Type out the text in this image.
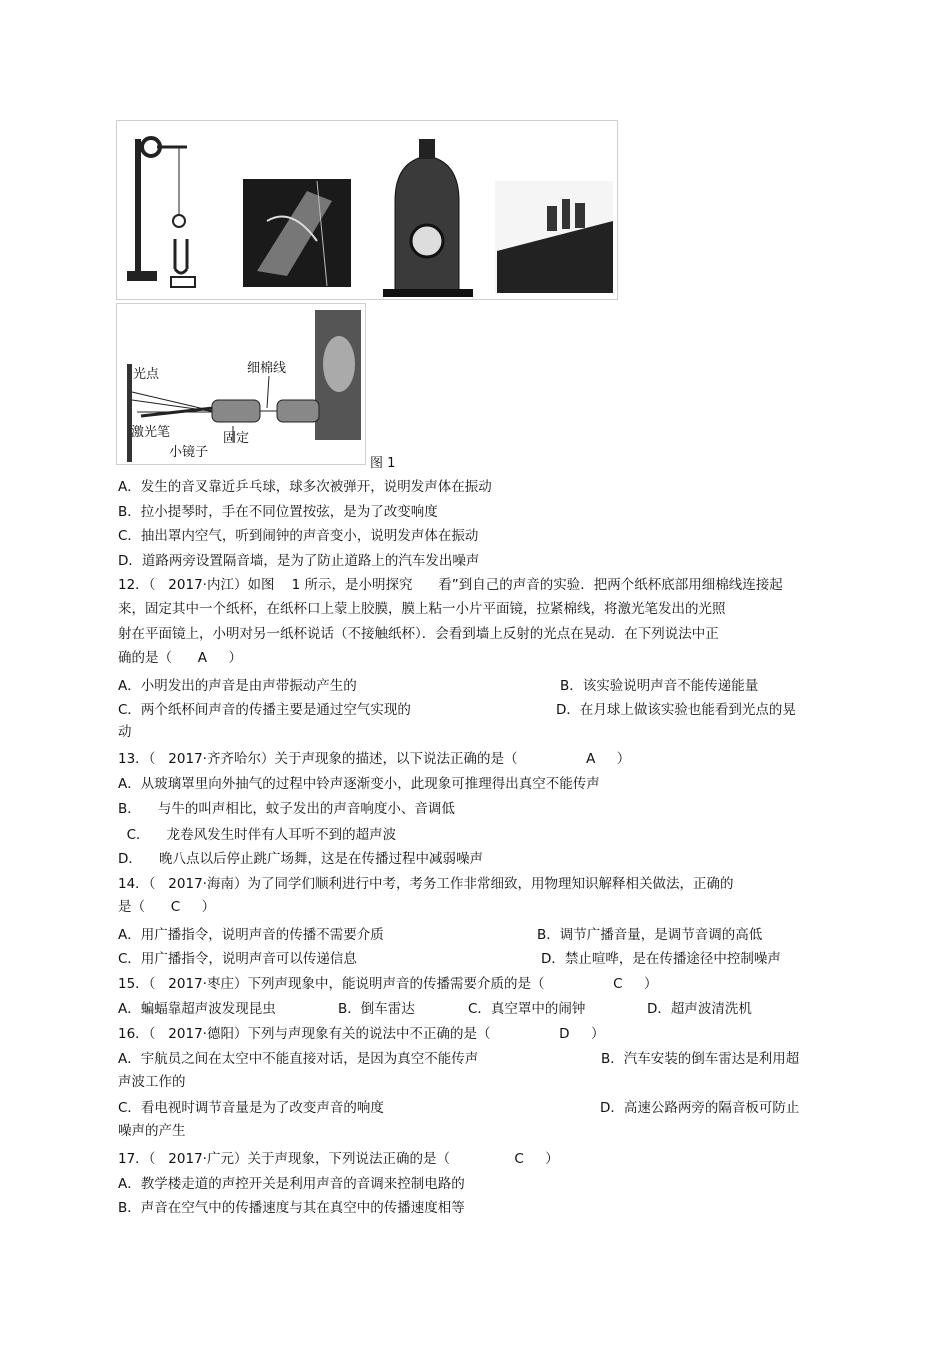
光点	细棉线
激光笔	固定
小镜子
图 1
A．发生的音叉靠近乒乓球，球多次被弹开，说明发声体在振动
B．拉小提琴时，手在不同位置按弦，是为了改变响度
C．抽出罩内空气，听到闹钟的声音变小，说明发声体在振动
D．道路两旁设置隔音墙，是为了防止道路上的汽车发出噪声
12．（   2017·内江）如图    1 所示，是小明探究      看”到自己的声音的实验．把两个纸杯底部用细棉线连接起
来，固定其中一个纸杯，在纸杯口上蒙上胶膜，膜上粘一小片平面镜，拉紧棉线，将激光笔发出的光照
射在平面镜上，小明对另一纸杯说话（不接触纸杯）．会看到墙上反射的光点在晃动．在下列说法中正
确的是（      A     ）
A．小明发出的声音是由声带振动产生的	B．该实验说明声音不能传递能量
C．两个纸杯间声音的传播主要是通过空气实现的	D．在月球上做该实验也能看到光点的晃
动
13．（   2017·齐齐哈尔）关于声现象的描述，以下说法正确的是（                A     ）
A．从玻璃罩里向外抽气的过程中铃声逐渐变小，此现象可推理得出真空不能传声
B．    与牛的叫声相比，蚊子发出的声音响度小、音调低
C．    龙卷风发生时伴有人耳听不到的超声波
D．    晚八点以后停止跳广场舞，这是在传播过程中减弱噪声
14．（   2017·海南）为了同学们顺利进行中考，考务工作非常细致，用物理知识解释相关做法，正确的
是（      C     ）
A．用广播指令，说明声音的传播不需要介质	B．调节广播音量，是调节音调的高低
C．用广播指令，说明声音可以传递信息	D．禁止喧哗，是在传播途径中控制噪声
15．（   2017·枣庄）下列声现象中，能说明声音的传播需要介质的是（                C     ）
A．蝙蝠靠超声波发现昆虫	B．倒车雷达	C．真空罩中的闹钟	D．超声波清洗机
16．（   2017·德阳）下列与声现象有关的说法中不正确的是（                D     ）
A．宇航员之间在太空中不能直接对话，是因为真空不能传声	B．汽车安装的倒车雷达是利用超
声波工作的
C．看电视时调节音量是为了改变声音的响度	D．高速公路两旁的隔音板可防止
噪声的产生
17．（   2017·广元）关于声现象，下列说法正确的是（               C     ）
A．教学楼走道的声控开关是利用声音的音调来控制电路的
B．声音在空气中的传播速度与其在真空中的传播速度相等
